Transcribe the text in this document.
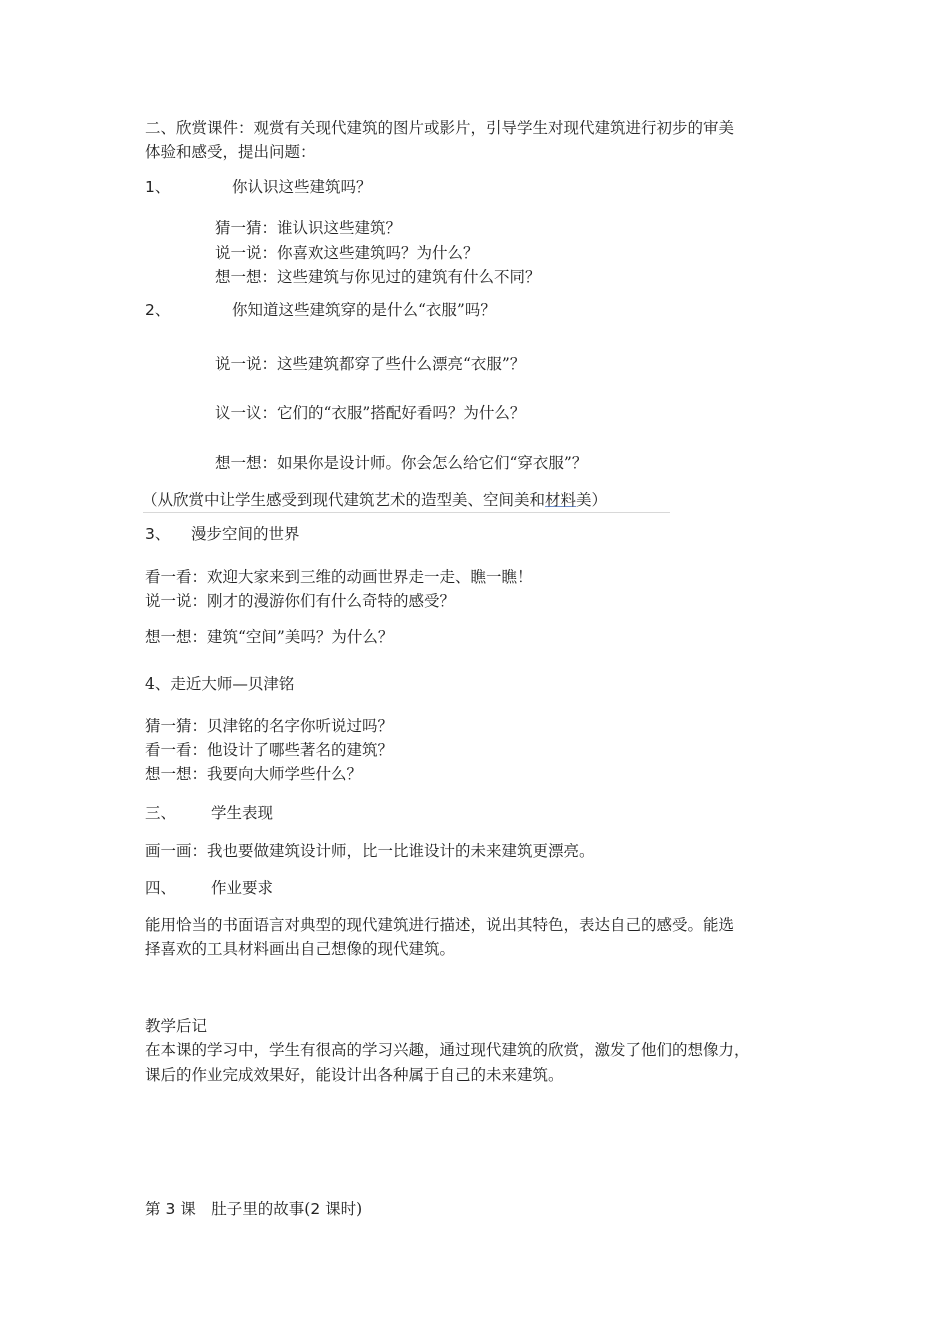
二、欣赏课件：观赏有关现代建筑的图片或影片，引导学生对现代建筑进行初步的审美
体验和感受，提出问题：
1、	你认识这些建筑吗？
猜一猜：谁认识这些建筑？
说一说：你喜欢这些建筑吗？为什么？
想一想：这些建筑与你见过的建筑有什么不同？
2、	你知道这些建筑穿的是什么“衣服”吗？
说一说：这些建筑都穿了些什么漂亮“衣服”？
议一议：它们的“衣服”搭配好看吗？为什么？
想一想：如果你是设计师。你会怎么给它们“穿衣服”？
（从欣赏中让学生感受到现代建筑艺术的造型美、空间美和材料美）
3、 漫步空间的世界
看一看：欢迎大家来到三维的动画世界走一走、瞧一瞧！
说一说：刚才的漫游你们有什么奇特的感受？
想一想：建筑“空间”美吗？为什么？
4、走近大师—贝津铭
猜一猜：贝津铭的名字你听说过吗？
看一看：他设计了哪些著名的建筑？
想一想：我要向大师学些什么？
三、 学生表现
画一画：我也要做建筑设计师，比一比谁设计的未来建筑更漂亮。
四、 作业要求
能用恰当的书面语言对典型的现代建筑进行描述，说出其特色，表达自己的感受。能选
择喜欢的工具材料画出自己想像的现代建筑。
教学后记
在本课的学习中，学生有很高的学习兴趣，通过现代建筑的欣赏，激发了他们的想像力，
课后的作业完成效果好，能设计出各种属于自己的未来建筑。
第 3 课　肚子里的故事(2 课时)
